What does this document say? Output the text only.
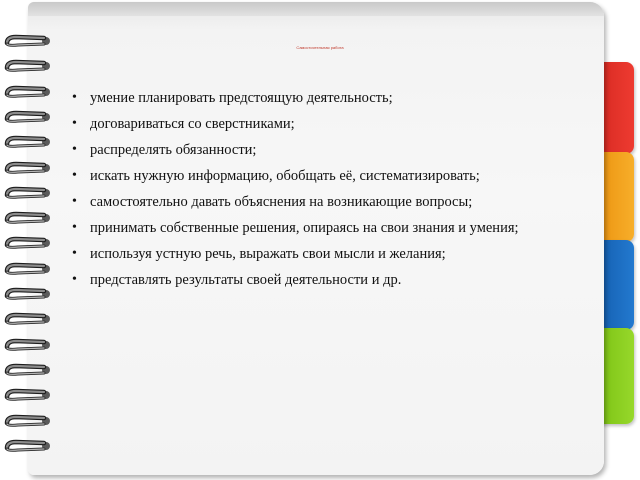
Самостоятельная работа
• умение планировать предстоящую деятельность;
• договариваться со сверстниками;
• распределять обязанности;
• искать нужную информацию, обобщать её, систематизировать;
• самостоятельно давать объяснения на возникающие вопросы;
• принимать собственные решения, опираясь на свои знания и умения;
• используя устную речь, выражать свои мысли и желания;
• представлять результаты своей деятельности и др.
